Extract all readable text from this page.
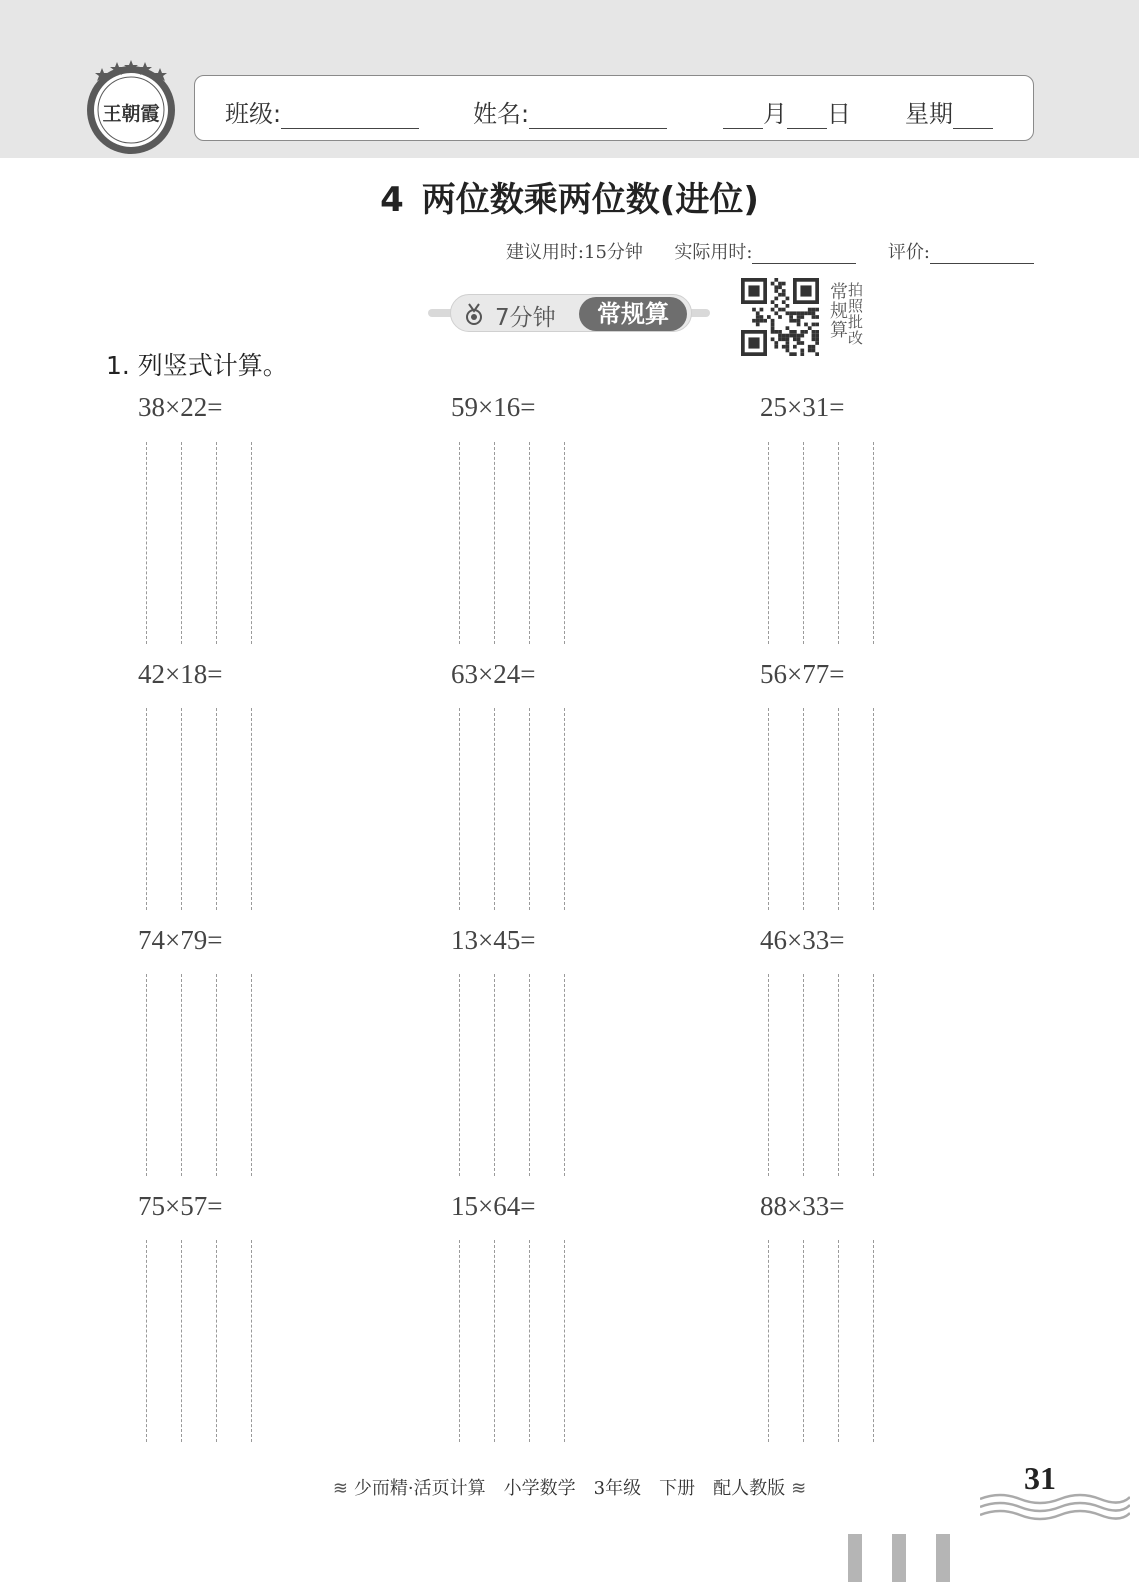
王朝霞	班级:	姓名:	月 日 星期
4 两位数乘两位数(进位)
建议用时:15分钟 实际用时:	评价:
7分钟	常规算	常规算
拍照批改
1. 列竖式计算。
38×22=	59×16=	25×31=
42×18=	63×24=	56×77=
74×79=	13×45=	46×33=
75×57=	15×64=	88×33=
≋ 少而精·活页计算　小学数学　3年级　下册　配人教版 ≋	31
